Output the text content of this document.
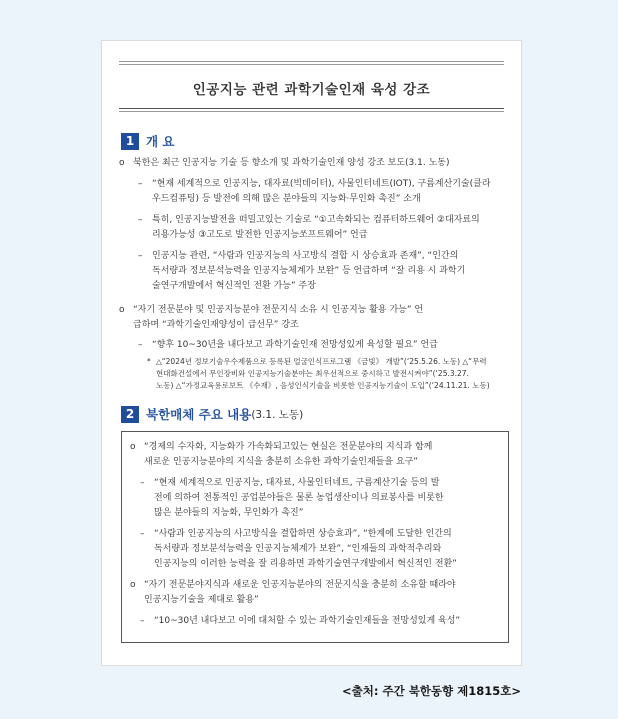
인공지능 관련 과학기술인재 육성 강조
1 개 요
o 북한은 최근 인공지능 기술 등 향소개 및 과학기술인재 양성 강조 보도(3.1. 노동)
–	“현재 세계적으로 인공지능, 대자료(빅데이터), 사물인터네트(IOT), 구름계산기술(클라
우드컴퓨팅) 등 발전에 의해 많은 분야들의 지능화·무인화 촉진” 소개
–	특히, 인공지능발전을 떠밀고있는 기술로 “①고속화되는 컴퓨터하드웨어 ②대자료의
리용가능성 ③고도로 발전한 인공지능쏘프트웨어” 언급
–	인공지능 관련, “사람과 인공지능의 사고방식 결합 시 상승효과 존재”, “인간의
독서량과 정보분석능력을 인공지능체계가 보완” 등 언급하며 “잘 리용 시 과학기
술연구개발에서 혁신적인 전환 가능” 주장
o “자기 전문분야 및 인공지능분야 전문지식 소유 시 인공지능 활용 가능” 언
급하며 “과학기술인재양성이 급선무” 강조
–	“향후 10~30년을 내다보고 과학기술인재 전망성있게 육성할 필요” 언급
* △“2024년 정보기술우수제품으로 등록된 얼굴인식프로그램 《금빛》 개발”(‘25.5.26. 노동) △“무력
현대화건설에서 무인장비와 인공지능기술분야는 최우선적으로 중시하고 발전시켜야”(‘25.3.27.
노동) △“가정교육용로보트 《수재》, 음성인식기술을 비롯한 인공지능기술이 도입”(‘24.11.21. 노동)
2 북한매체 주요 내용 (3.1. 노동)
o “경제의 수자화, 지능화가 가속화되고있는 현실은 전문분야의 지식과 함께
새로운 인공지능분야의 지식을 충분히 소유한 과학기술인재들을 요구”
–	“현재 세계적으로 인공지능, 대자료, 사물인터네트, 구름계산기술 등의 발
전에 의하여 전통적인 공업분야들은 물론 농업생산이나 의료봉사를 비롯한
많은 분야들의 지능화, 무인화가 촉진”
–	“사람과 인공지능의 사고방식을 결합하면 상승효과”, “한계에 도달한 인간의
독서량과 정보분석능력을 인공지능체계가 보완”, “인재들의 과학적추리와
인공지능의 이러한 능력을 잘 리용하면 과학기술연구개발에서 혁신적인 전환”
o “자기 전문분야지식과 새로운 인공지능분야의 전문지식을 충분히 소유할 때라야
인공지능기술을 제대로 활용”
–	“10~30년 내다보고 이에 대처할 수 있는 과학기술인재들을 전망성있게 육성”
<출처: 주간 북한동향 제1815호>
